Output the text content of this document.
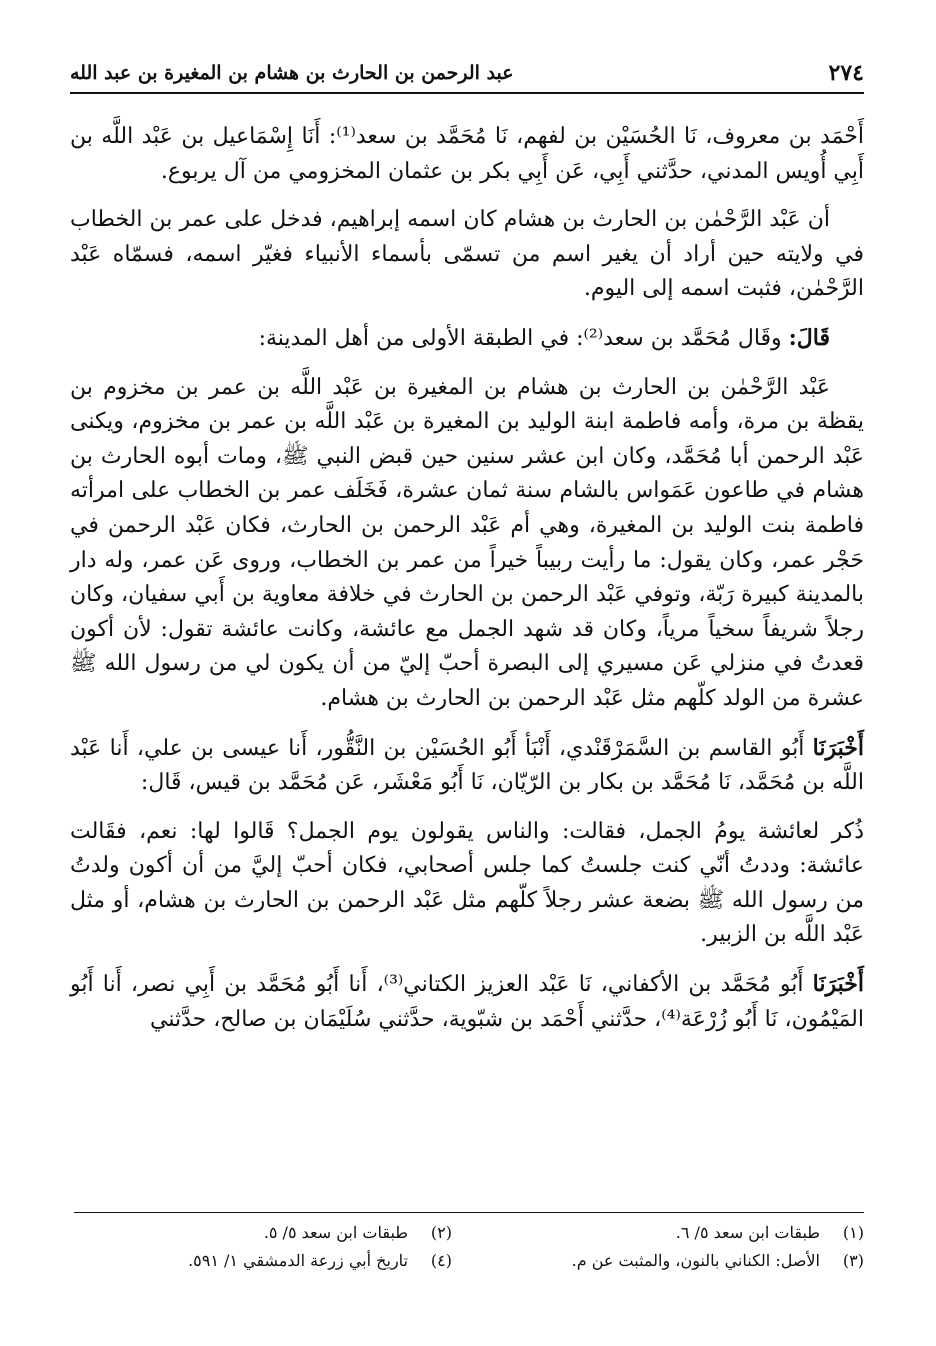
٢٧٤
عبد الرحمن بن الحارث بن هشام بن المغيرة بن عبد الله

أَحْمَد بن معروف، نَا الحُسَيْن بن لفهم، نَا مُحَمَّد بن سعد⁽¹⁾: أَنَا إِسْمَاعيل بن عَبْد اللَّه بن أَبِي أُويس المدني، حدَّثني أَبِي، عَن أَبِي بكر بن عثمان المخزومي من آل يربوع.

أن عَبْد الرَّحْمٰن بن الحارث بن هشام كان اسمه إبراهيم، فدخل على عمر بن الخطاب في ولايته حين أراد أن يغير اسم من تسمّى بأسماء الأنبياء فغيّر اسمه، فسمّاه عَبْد الرَّحْمٰن، فثبت اسمه إلى اليوم.

قَالَ: وقَال مُحَمَّد بن سعد⁽²⁾: في الطبقة الأولى من أهل المدينة:

عَبْد الرَّحْمٰن بن الحارث بن هشام بن المغيرة بن عَبْد اللَّه بن عمر بن مخزوم بن يقظة بن مرة، وأمه فاطمة ابنة الوليد بن المغيرة بن عَبْد اللَّه بن عمر بن مخزوم، ويكنى عَبْد الرحمن أبا مُحَمَّد، وكان ابن عشر سنين حين قبض النبي ﷺ، ومات أبوه الحارث بن هشام في طاعون عَمَواس بالشام سنة ثمان عشرة، فَخَلَف عمر بن الخطاب على امرأته فاطمة بنت الوليد بن المغيرة، وهي أم عَبْد الرحمن بن الحارث، فكان عَبْد الرحمن في حَجْر عمر، وكان يقول: ما رأيت ربيباً خيراً من عمر بن الخطاب، وروى عَن عمر، وله دار بالمدينة كبيرة رَبّة، وتوفي عَبْد الرحمن بن الحارث في خلافة معاوية بن أَبي سفيان، وكان رجلاً شريفاً سخياً مرياً، وكان قد شهد الجمل مع عائشة، وكانت عائشة تقول: لأن أكون قعدتُ في منزلي عَن مسيري إلى البصرة أحبّ إليّ من أن يكون لي من رسول الله ﷺ عشرة من الولد كلّهم مثل عَبْد الرحمن بن الحارث بن هشام.

أَخْبَرَنَا أَبُو القاسم بن السَّمَرْقَنْدي، أَنْبَأ أَبُو الحُسَيْن بن النَّقُّور، أَنا عيسى بن علي، أَنا عَبْد اللَّه بن مُحَمَّد، نَا مُحَمَّد بن بكار بن الرّيّان، نَا أَبُو مَعْشَر، عَن مُحَمَّد بن قيس، قَال:

ذُكر لعائشة يومُ الجمل، فقالت: والناس يقولون يوم الجمل؟ قَالوا لها: نعم، فقَالت عائشة: وددتُ أنّي كنت جلستُ كما جلس أصحابي، فكان أحبّ إليَّ من أن أكون ولدتُ من رسول الله ﷺ بضعة عشر رجلاً كلّهم مثل عَبْد الرحمن بن الحارث بن هشام، أو مثل عَبْد اللَّه بن الزبير.

أَخْبَرَنَا أَبُو مُحَمَّد بن الأكفاني، نَا عَبْد العزيز الكتاني⁽³⁾، أَنا أَبُو مُحَمَّد بن أَبِي نصر، أَنا أَبُو المَيْمُون، نَا أَبُو زُرْعَة⁽⁴⁾، حدَّثني أَحْمَد بن شبّوية، حدَّثني سُلَيْمَان بن صالح، حدَّثني

(١)
طبقات ابن سعد ٥/ ٦.
(٢)
طبقات ابن سعد ٥/ ٥.
(٣)
الأصل: الكناني بالنون، والمثبت عن م.
(٤)
تاريخ أبي زرعة الدمشقي ١/ ٥٩١.
